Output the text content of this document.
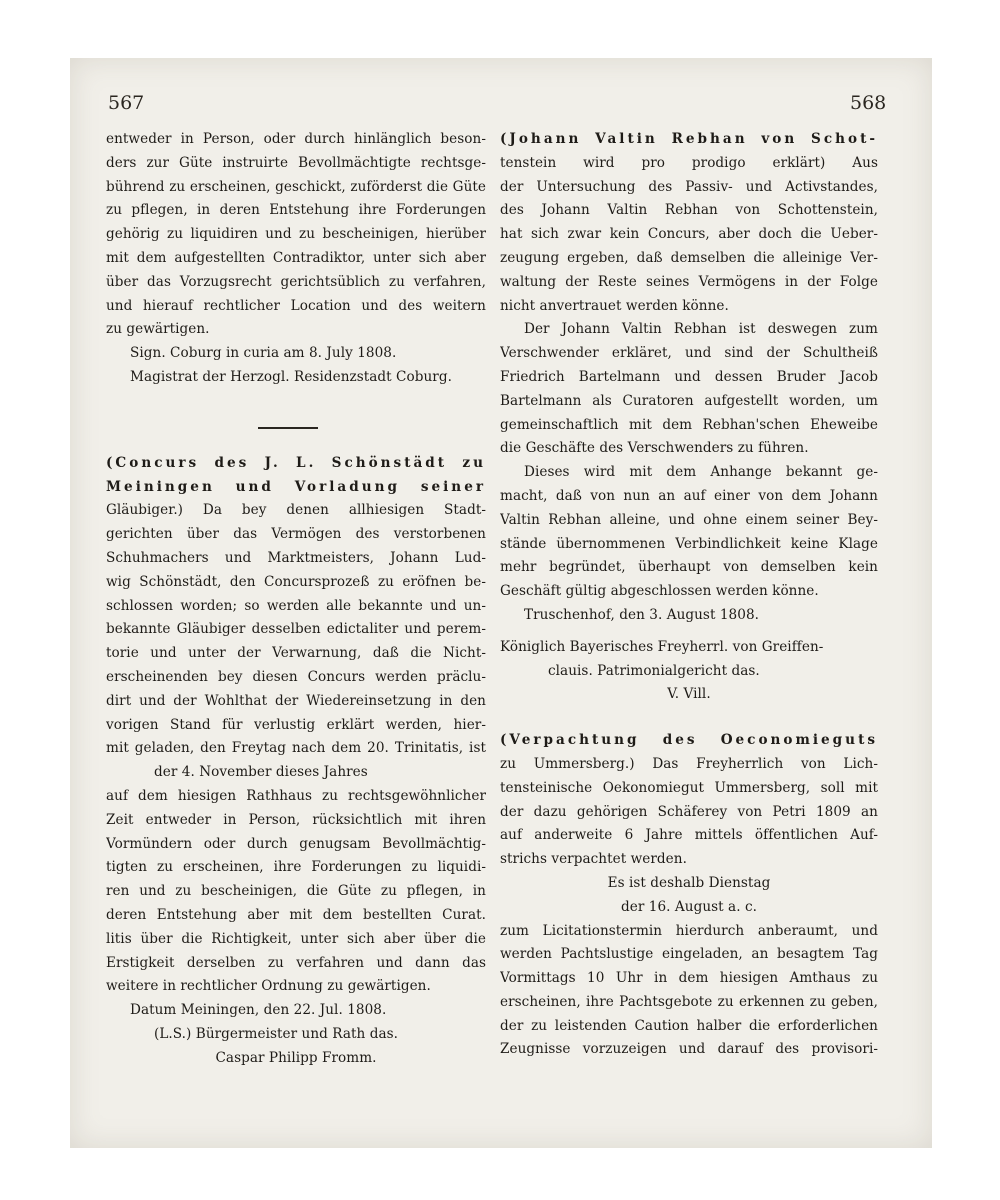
567	568

entweder in Person, oder durch hinlänglich beson-
ders zur Güte instruirte Bevollmächtigte rechtsge-
bührend zu erscheinen, geschickt, zuförderst die Güte
zu pflegen, in deren Entstehung ihre Forderungen
gehörig zu liquidiren und zu bescheinigen, hierüber
mit dem aufgestellten Contradiktor, unter sich aber
über das Vorzugsrecht gerichtsüblich zu verfahren,
und hierauf rechtlicher Location und des weitern
zu gewärtigen.

Sign. Coburg in curia am 8. July 1808.
Magistrat der Herzogl. Residenzstadt Coburg.

(Concurs des J. L. Schönstädt zu
Meiningen und Vorladung seiner
Gläubiger.) Da bey denen allhiesigen Stadt-
gerichten über das Vermögen des verstorbenen
Schuhmachers und Marktmeisters, Johann Lud-
wig Schönstädt, den Concursprozeß zu eröfnen be-
schlossen worden; so werden alle bekannte und un-
bekannte Gläubiger desselben edictaliter und perem-
torie und unter der Verwarnung, daß die Nicht-
erscheinenden bey diesen Concurs werden präclu-
dirt und der Wohlthat der Wiedereinsetzung in den
vorigen Stand für verlustig erklärt werden, hier-
mit geladen, den Freytag nach dem 20. Trinitatis, ist

der 4. November dieses Jahres

auf dem hiesigen Rathhaus zu rechtsgewöhnlicher
Zeit entweder in Person, rücksichtlich mit ihren
Vormündern oder durch genugsam Bevollmächtig-
tigten zu erscheinen, ihre Forderungen zu liquidi-
ren und zu bescheinigen, die Güte zu pflegen, in
deren Entstehung aber mit dem bestellten Curat.
litis über die Richtigkeit, unter sich aber über die
Erstigkeit derselben zu verfahren und dann das
weitere in rechtlicher Ordnung zu gewärtigen.

Datum Meiningen, den 22. Jul. 1808.
(L.S.) Bürgermeister und Rath das.
Caspar Philipp Fromm.

(Johann Valtin Rebhan von Schot-
tenstein wird pro prodigo erklärt) Aus
der Untersuchung des Passiv- und Activstandes,
des Johann Valtin Rebhan von Schottenstein,
hat sich zwar kein Concurs, aber doch die Ueber-
zeugung ergeben, daß demselben die alleinige Ver-
waltung der Reste seines Vermögens in der Folge
nicht anvertrauet werden könne.

Der Johann Valtin Rebhan ist deswegen zum
Verschwender erkläret, und sind der Schultheiß
Friedrich Bartelmann und dessen Bruder Jacob
Bartelmann als Curatoren aufgestellt worden, um
gemeinschaftlich mit dem Rebhan'schen Eheweibe
die Geschäfte des Verschwenders zu führen.

Dieses wird mit dem Anhange bekannt ge-
macht, daß von nun an auf einer von dem Johann
Valtin Rebhan alleine, und ohne einem seiner Bey-
stände übernommenen Verbindlichkeit keine Klage
mehr begründet, überhaupt von demselben kein
Geschäft gültig abgeschlossen werden könne.

Truschenhof, den 3. August 1808.
Königlich Bayerisches Freyherrl. von Greiffen-
clauis. Patrimonialgericht das.
V. Vill.

(Verpachtung des Oeconomieguts
zu Ummersberg.) Das Freyherrlich von Lich-
tensteinische Oekonomiegut Ummersberg, soll mit
der dazu gehörigen Schäferey von Petri 1809 an
auf anderweite 6 Jahre mittels öffentlichen Auf-
strichs verpachtet werden.

Es ist deshalb Dienstag
der 16. August a. c.

zum Licitationstermin hierdurch anberaumt, und
werden Pachtslustige eingeladen, an besagtem Tag
Vormittags 10 Uhr in dem hiesigen Amthaus zu
erscheinen, ihre Pachtsgebote zu erkennen zu geben,
der zu leistenden Caution halber die erforderlichen
Zeugnisse vorzuzeigen und darauf des provisori-
